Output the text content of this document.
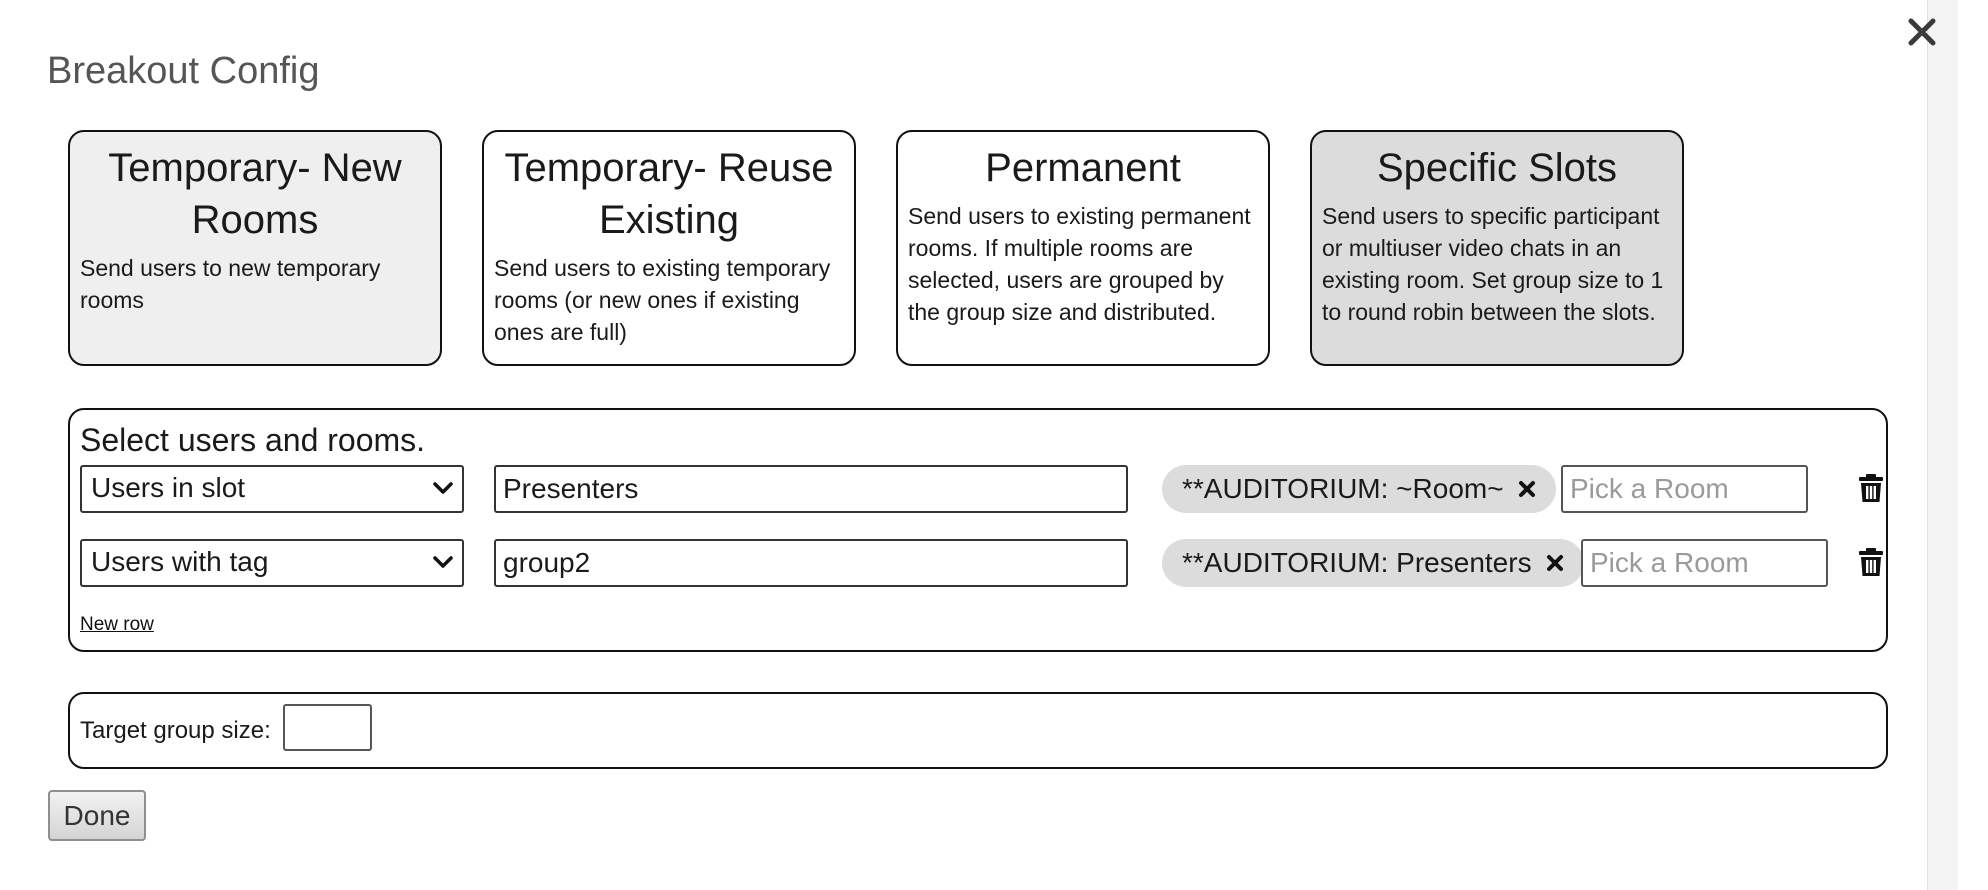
Breakout Config
Temporary- New Rooms
Send users to new temporary rooms
Temporary- Reuse Existing
Send users to existing temporary rooms (or new ones if existing ones are full)
Permanent
Send users to existing permanent rooms. If multiple rooms are selected, users are grouped by the group size and distributed.
Specific Slots
Send users to specific participant or multiuser video chats in an existing room. Set group size to 1 to round robin between the slots.
Select users and rooms.
Users in slot
Presenters	**AUDITORIUM: ~Room~
Pick a Room
Users with tag
group2	**AUDITORIUM: Presenters
Pick a Room
New row
Target group size:
Done
